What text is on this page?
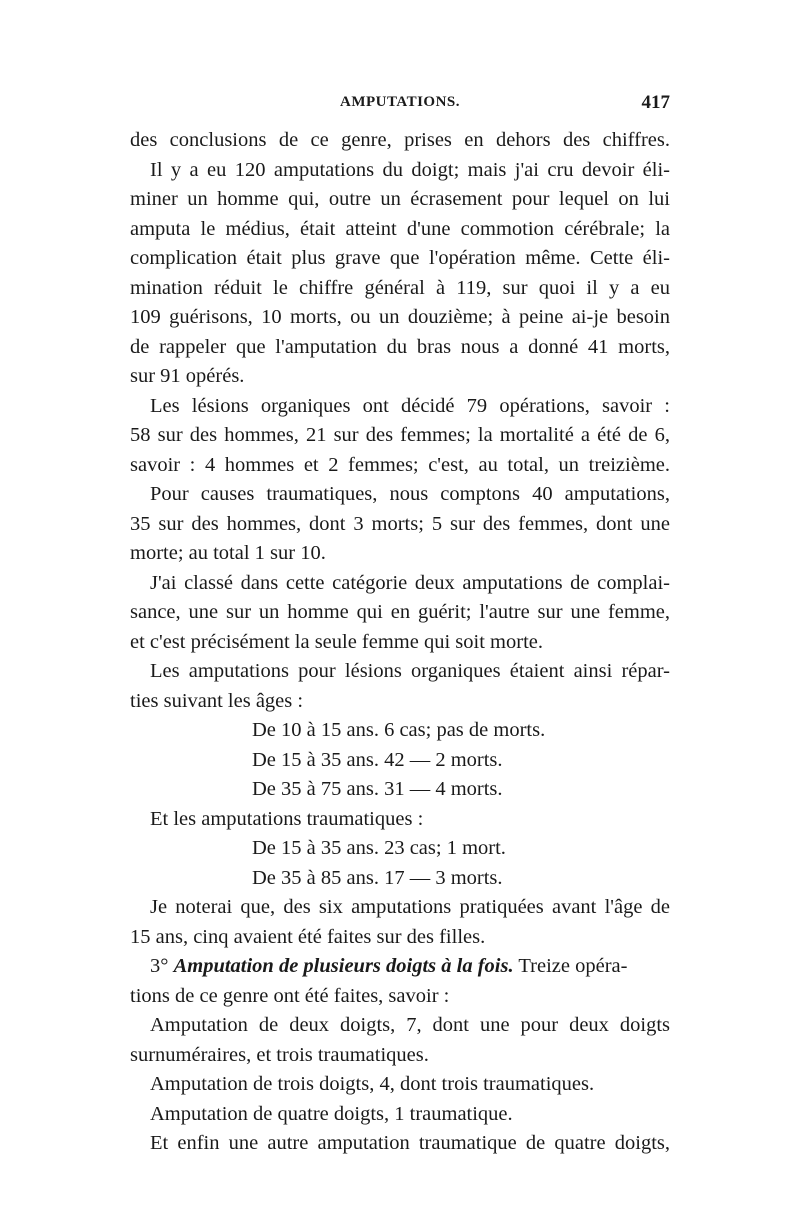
AMPUTATIONS.	417
des conclusions de ce genre, prises en dehors des chiffres.
Il y a eu 120 amputations du doigt; mais j'ai cru devoir éli-
miner un homme qui, outre un écrasement pour lequel on lui
amputa le médius, était atteint d'une commotion cérébrale; la
complication était plus grave que l'opération même. Cette éli-
mination réduit le chiffre général à 119, sur quoi il y a eu
109 guérisons, 10 morts, ou un douzième; à peine ai-je besoin
de rappeler que l'amputation du bras nous a donné 41 morts,
sur 91 opérés.
Les lésions organiques ont décidé 79 opérations, savoir :
58 sur des hommes, 21 sur des femmes; la mortalité a été de 6,
savoir : 4 hommes et 2 femmes; c'est, au total, un treizième.
Pour causes traumatiques, nous comptons 40 amputations,
35 sur des hommes, dont 3 morts; 5 sur des femmes, dont une
morte; au total 1 sur 10.
J'ai classé dans cette catégorie deux amputations de complai-
sance, une sur un homme qui en guérit; l'autre sur une femme,
et c'est précisément la seule femme qui soit morte.
Les amputations pour lésions organiques étaient ainsi répar-
ties suivant les âges :
De 10 à 15 ans. 6 cas; pas de morts.
De 15 à 35 ans. 42 — 2 morts.
De 35 à 75 ans. 31 — 4 morts.
Et les amputations traumatiques :
De 15 à 35 ans. 23 cas; 1 mort.
De 35 à 85 ans. 17 — 3 morts.
Je noterai que, des six amputations pratiquées avant l'âge de
15 ans, cinq avaient été faites sur des filles.
3° Amputation de plusieurs doigts à la fois. Treize opéra-
tions de ce genre ont été faites, savoir :
Amputation de deux doigts, 7, dont une pour deux doigts
surnuméraires, et trois traumatiques.
Amputation de trois doigts, 4, dont trois traumatiques.
Amputation de quatre doigts, 1 traumatique.
Et enfin une autre amputation traumatique de quatre doigts,
